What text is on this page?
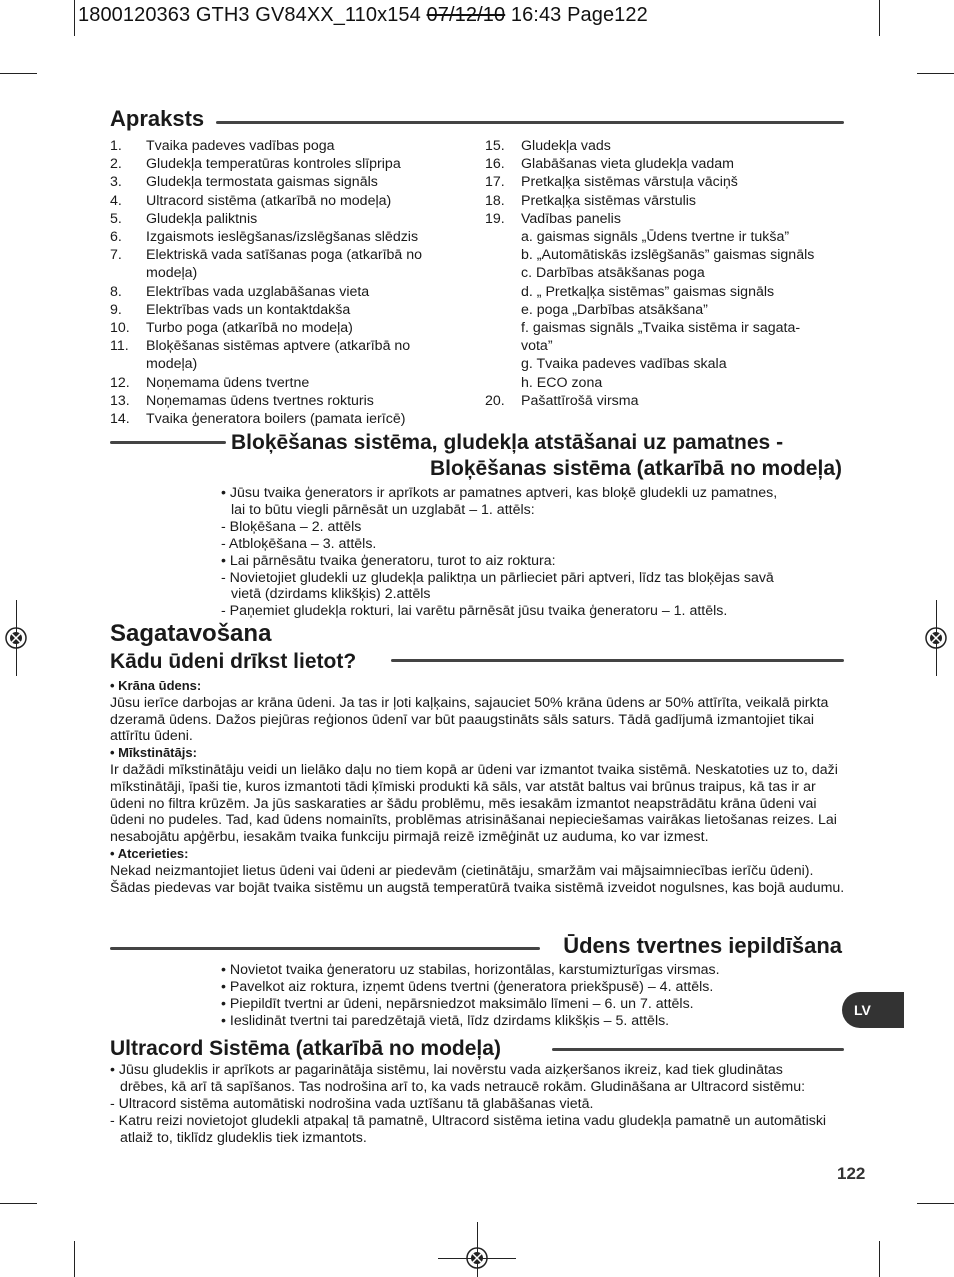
1800120363 GTH3 GV84XX_110x154 07/12/10 16:43 Page122
Apraksts
1.	Tvaika padeves vadības poga
2.	Gludekļa temperatūras kontroles slīpripa
3.	Gludekļa termostata gaismas signāls
4.	Ultracord sistēma (atkarībā no modeļa)
5.	Gludekļa paliktnis
6.	Izgaismots ieslēgšanas/izslēgšanas slēdzis
7.	Elektriskā vada satīšanas poga (atkarībā no
modeļa)
8.	Elektrības vada uzglabāšanas vieta
9.	Elektrības vads un kontaktdakša
10.	Turbo poga (atkarībā no modeļa)
11.	Bloķēšanas sistēmas aptvere (atkarībā no
modeļa)
12.	Noņemama ūdens tvertne
13.	Noņemamas ūdens tvertnes rokturis
14.	Tvaika ģeneratora boilers (pamata ierīcē)
15.	Gludekļa vads
16.	Glabāšanas vieta gludekļa vadam
17.	Pretkaļķa sistēmas vārstuļa vāciņš
18.	Pretkaļķa sistēmas vārstulis
19.	Vadības panelis
a. gaismas signāls „Ūdens tvertne ir tukša”
b. „Automātiskās izslēgšanās” gaismas signāls
c. Darbības atsākšanas poga
d. „ Pretkaļķa sistēmas” gaismas signāls
e. poga „Darbības atsākšana”
f. gaismas signāls „Tvaika sistēma ir sagata-
vota”
g. Tvaika padeves vadības skala
h. ECO zona
20.	Pašattīrošā virsma
Bloķēšanas sistēma, gludekļa atstāšanai uz pamatnes -
Bloķēšanas sistēma (atkarībā no modeļa)
• Jūsu tvaika ģenerators ir aprīkots ar pamatnes aptveri, kas bloķē gludekli uz pamatnes,
lai to būtu viegli pārnēsāt un uzglabāt – 1. attēls:
- Bloķēšana – 2. attēls
- Atbloķēšana – 3. attēls.
• Lai pārnēsātu tvaika ģeneratoru, turot to aiz roktura:
- Novietojiet gludekli uz gludekļa paliktņa un pārlieciet pāri aptveri, līdz tas bloķējas savā
vietā (dzirdams klikšķis) 2.attēls
- Paņemiet gludekļa rokturi, lai varētu pārnēsāt jūsu tvaika ģeneratoru – 1. attēls.
Sagatavošana
Kādu ūdeni drīkst lietot?
• Krāna ūdens:
Jūsu ierīce darbojas ar krāna ūdeni. Ja tas ir ļoti kaļķains, sajauciet 50% krāna ūdens ar 50% attīrīta, veikalā pirkta dzeramā ūdens. Dažos piejūras reģionos ūdenī var būt paaugstināts sāls saturs. Tādā gadījumā izmantojiet tikai attīrītu ūdeni.
• Mīkstinātājs:
Ir dažādi mīkstinātāju veidi un lielāko daļu no tiem kopā ar ūdeni var izmantot tvaika sistēmā. Neskatoties uz to, daži mīkstinātāji, īpaši tie, kuros izmantoti tādi ķīmiski produkti kā sāls, var atstāt baltus vai brūnus traipus, kā tas ir ar ūdeni no filtra krūzēm. Ja jūs saskaraties ar šādu problēmu, mēs iesakām izmantot neapstrādātu krāna ūdeni vai ūdeni no pudeles. Tad, kad ūdens nomainīts, problēmas atrisināšanai nepieciešamas vairākas lietošanas reizes. Lai nesabojātu apģērbu, iesakām tvaika funkciju pirmajā reizē izmēģināt uz auduma, ko var izmest.
• Atcerieties:
Nekad neizmantojiet lietus ūdeni vai ūdeni ar piedevām (cietinātāju, smaržām vai mājsaimniecības ierīču ūdeni). Šādas piedevas var bojāt tvaika sistēmu un augstā temperatūrā tvaika sistēmā izveidot nogulsnes, kas bojā audumu.
Ūdens tvertnes iepildīšana
• Novietot tvaika ģeneratoru uz stabilas, horizontālas, karstumizturīgas virsmas.
• Pavelkot aiz roktura, izņemt ūdens tvertni (ģeneratora priekšpusē) – 4. attēls.
• Piepildīt tvertni ar ūdeni, nepārsniedzot maksimālo līmeni – 6. un 7. attēls.
• Ieslidināt tvertni tai paredzētajā vietā, līdz dzirdams klikšķis – 5. attēls.
LV
Ultracord Sistēma (atkarībā no modeļa)
• Jūsu gludeklis ir aprīkots ar pagarinātāja sistēmu, lai novērstu vada aizķeršanos ikreiz, kad tiek gludinātas drēbes, kā arī tā sapīšanos. Tas nodrošina arī to, ka vads netraucē rokām. Gludināšana ar Ultracord sistēmu:
- Ultracord sistēma automātiski nodrošina vada uztīšanu tā glabāšanas vietā.
- Katru reizi novietojot gludekli atpakaļ tā pamatnē, Ultracord sistēma ietina vadu gludekļa pamatnē un automātiski atlaiž to, tiklīdz gludeklis tiek izmantots.
122
